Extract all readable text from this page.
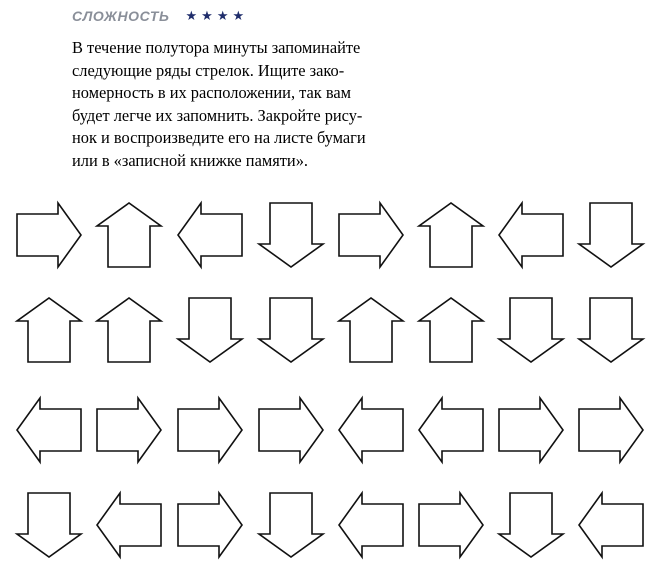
СЛОЖНОСТЬ ★★★★

В течение полутора минуты запоминайте
следующие ряды стрелок. Ищите зако-
номерность в их расположении, так вам
будет легче их запомнить. Закройте рису-
нок и воспроизведите его на листе бумаги
или в «записной книжке памяти».
